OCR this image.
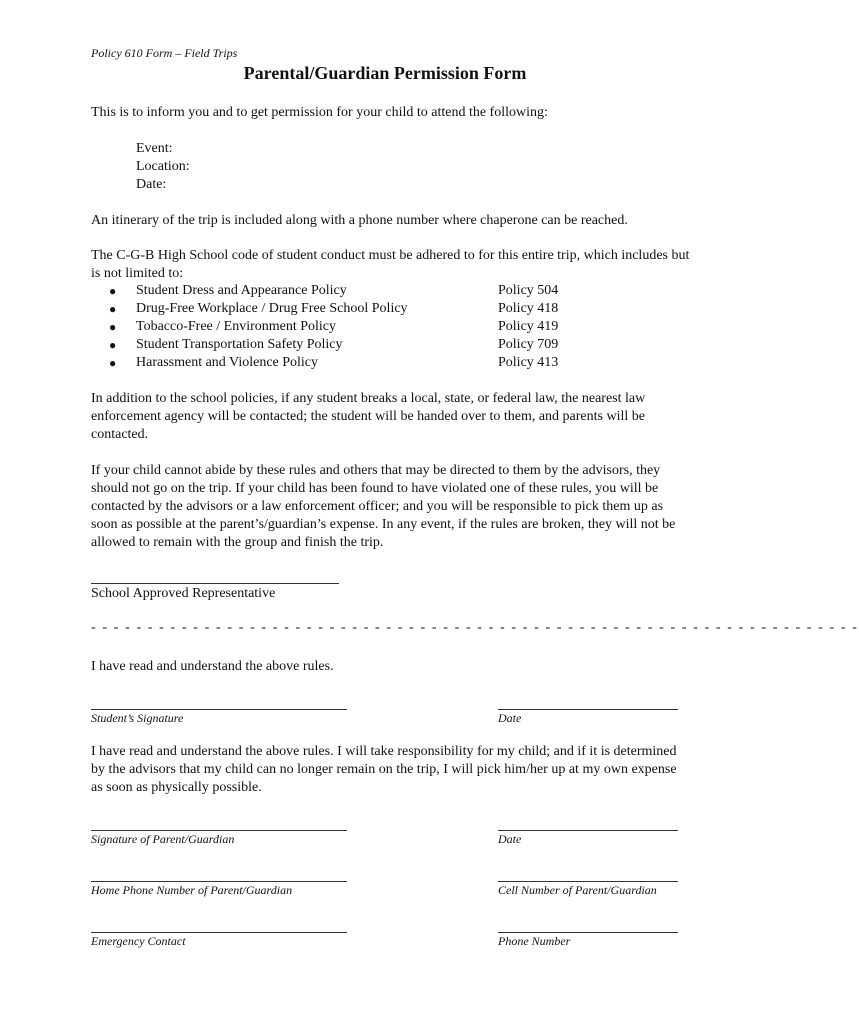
Policy 610 Form – Field Trips
Parental/Guardian Permission Form
This is to inform you and to get permission for your child to attend the following:
Event:
Location:
Date:
An itinerary of the trip is included along with a phone number where chaperone can be reached.
The C-G-B High School code of student conduct must be adhered to for this entire trip, which includes but is not limited to:
● Student Dress and Appearance Policy	Policy 504
● Drug-Free Workplace / Drug Free School Policy	Policy 418
● Tobacco-Free / Environment Policy	Policy 419
● Student Transportation Safety Policy	Policy 709
● Harassment and Violence Policy	Policy 413
In addition to the school policies, if any student breaks a local, state, or federal law, the nearest law enforcement agency will be contacted; the student will be handed over to them, and parents will be contacted.
If your child cannot abide by these rules and others that may be directed to them by the advisors, they should not go on the trip. If your child has been found to have violated one of these rules, you will be contacted by the advisors or a law enforcement officer; and you will be responsible to pick them up as soon as possible at the parent’s/guardian’s expense. In any event, if the rules are broken, they will not be allowed to remain with the group and finish the trip.
School Approved Representative
- - - - - - - - - - - - - - - - - - - - - - - - - - - - - - - - - - - - - - - - - - - - - - - - - - - - - - - - - - - - - - - - - - - -
I have read and understand the above rules.
Student’s Signature	Date
I have read and understand the above rules. I will take responsibility for my child; and if it is determined by the advisors that my child can no longer remain on the trip, I will pick him/her up at my own expense as soon as physically possible.
Signature of Parent/Guardian	Date
Home Phone Number of Parent/Guardian	Cell Number of Parent/Guardian
Emergency Contact	Phone Number
